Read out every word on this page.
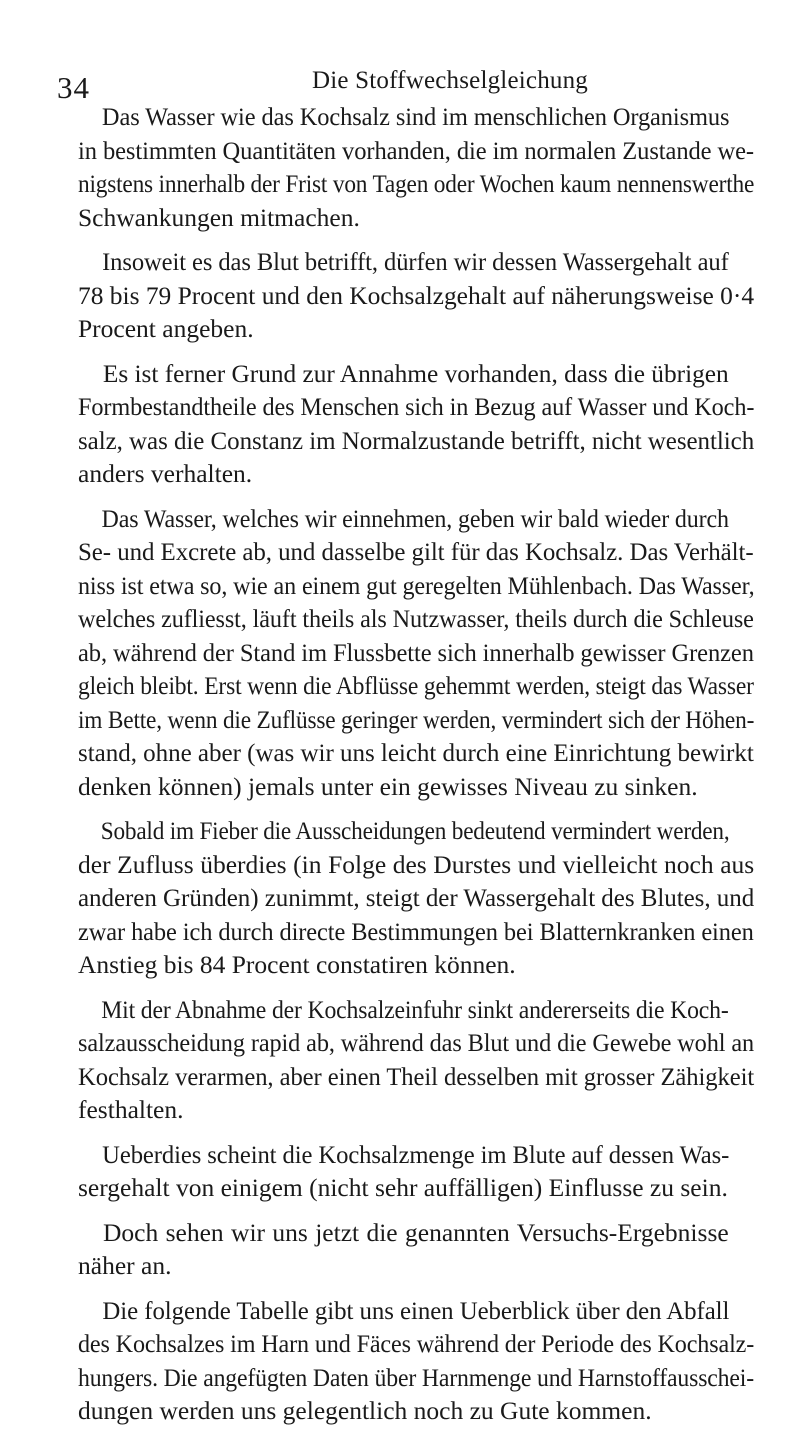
34	Die Stoffwechselgleichung
Das Wasser wie das Kochsalz sind im menschlichen Organismus
in bestimmten Quantitäten vorhanden, die im normalen Zustande we-
nigstens innerhalb der Frist von Tagen oder Wochen kaum nennenswerthe
Schwankungen mitmachen.
Insoweit es das Blut betrifft, dürfen wir dessen Wassergehalt auf
78 bis 79 Procent und den Kochsalzgehalt auf näherungsweise 0·4
Procent angeben.
Es ist ferner Grund zur Annahme vorhanden, dass die übrigen
Formbestandtheile des Menschen sich in Bezug auf Wasser und Koch-
salz, was die Constanz im Normalzustande betrifft, nicht wesentlich
anders verhalten.
Das Wasser, welches wir einnehmen, geben wir bald wieder durch
Se- und Excrete ab, und dasselbe gilt für das Kochsalz. Das Verhält-
niss ist etwa so, wie an einem gut geregelten Mühlenbach. Das Wasser,
welches zufliesst, läuft theils als Nutzwasser, theils durch die Schleuse
ab, während der Stand im Flussbette sich innerhalb gewisser Grenzen
gleich bleibt. Erst wenn die Abflüsse gehemmt werden, steigt das Wasser
im Bette, wenn die Zuflüsse geringer werden, vermindert sich der Höhen-
stand, ohne aber (was wir uns leicht durch eine Einrichtung bewirkt
denken können) jemals unter ein gewisses Niveau zu sinken.
Sobald im Fieber die Ausscheidungen bedeutend vermindert werden,
der Zufluss überdies (in Folge des Durstes und vielleicht noch aus
anderen Gründen) zunimmt, steigt der Wassergehalt des Blutes, und
zwar habe ich durch directe Bestimmungen bei Blatternkranken einen
Anstieg bis 84 Procent constatiren können.
Mit der Abnahme der Kochsalzeinfuhr sinkt andererseits die Koch-
salzausscheidung rapid ab, während das Blut und die Gewebe wohl an
Kochsalz verarmen, aber einen Theil desselben mit grosser Zähigkeit
festhalten.
Ueberdies scheint die Kochsalzmenge im Blute auf dessen Was-
sergehalt von einigem (nicht sehr auffälligen) Einflusse zu sein.
Doch sehen wir uns jetzt die genannten Versuchs-Ergebnisse
näher an.
Die folgende Tabelle gibt uns einen Ueberblick über den Abfall
des Kochsalzes im Harn und Fäces während der Periode des Kochsalz-
hungers. Die angefügten Daten über Harnmenge und Harnstoffausschei-
dungen werden uns gelegentlich noch zu Gute kommen.
